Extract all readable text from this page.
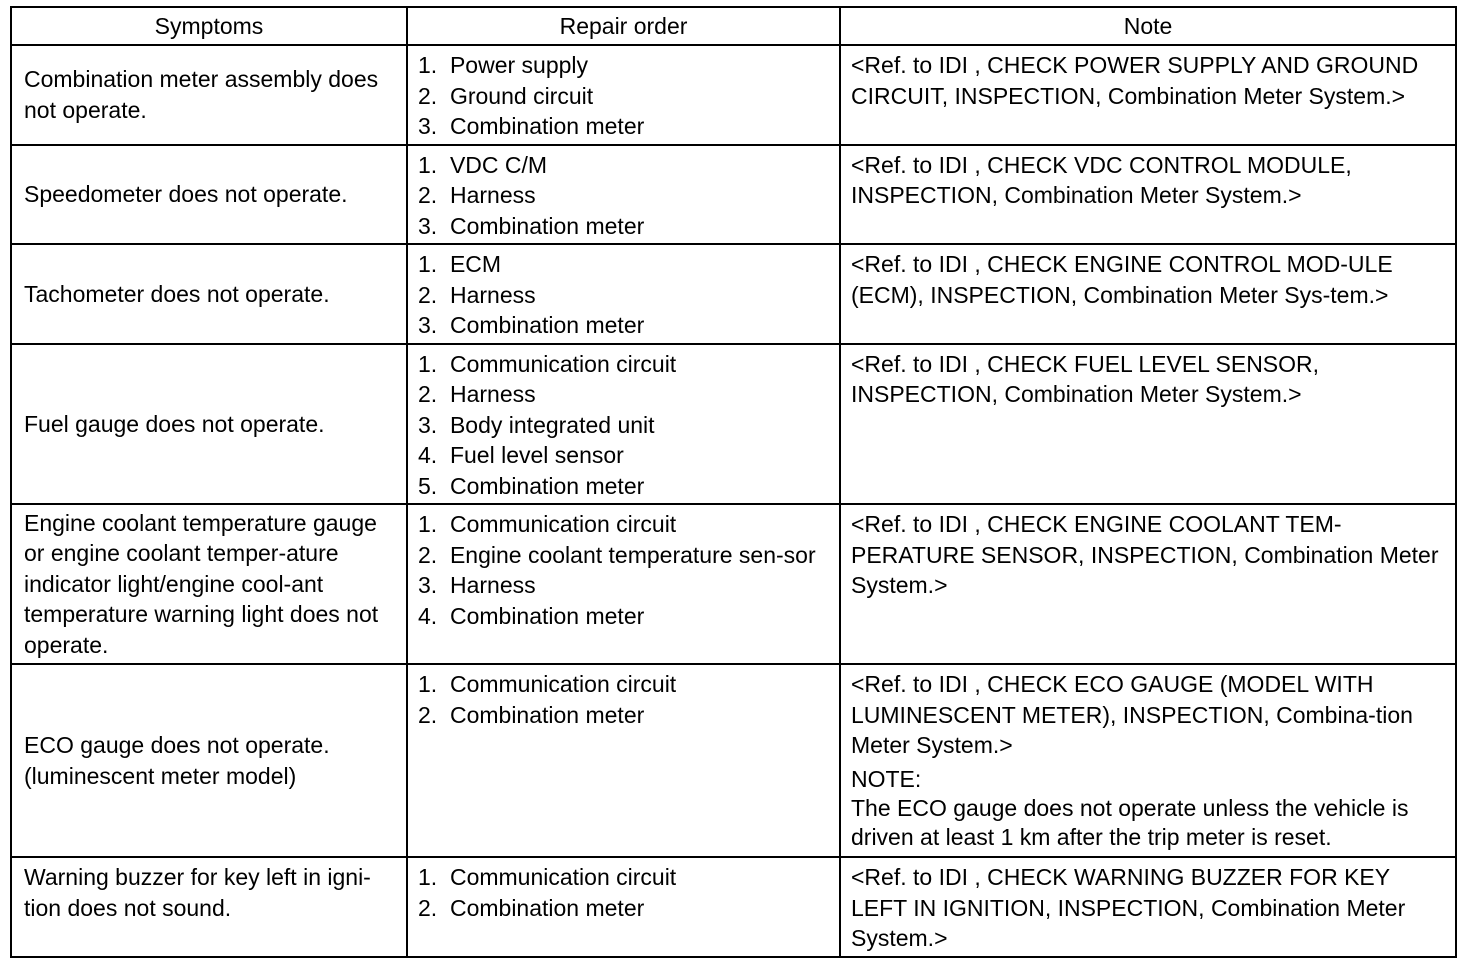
Symptoms	Repair order	Note
Combination meter assembly does not operate.	1.  Power supply
2.  Ground circuit
3.  Combination meter	<Ref. to IDI , CHECK POWER SUPPLY AND GROUND CIRCUIT, INSPECTION, Combination Meter System.>

Speedometer does not operate.	1.  VDC C/M
2.  Harness
3.  Combination meter	<Ref. to IDI , CHECK VDC CONTROL MODULE, INSPECTION, Combination Meter System.>

Tachometer does not operate.	1.  ECM
2.  Harness
3.  Combination meter	<Ref. to IDI , CHECK ENGINE CONTROL MOD-ULE (ECM), INSPECTION, Combination Meter Sys-tem.>

Fuel gauge does not operate.	1.  Communication circuit
2.  Harness
3.  Body integrated unit
4.  Fuel level sensor
5.  Combination meter	<Ref. to IDI , CHECK FUEL LEVEL SENSOR, INSPECTION, Combination Meter System.>

Engine coolant temperature gauge or engine coolant temper-ature indicator light/engine cool-ant temperature warning light does not operate.	1.  Communication circuit
2.  Engine coolant temperature sen-sor
3.  Harness
4.  Combination meter	<Ref. to IDI , CHECK ENGINE COOLANT TEM-PERATURE SENSOR, INSPECTION, Combination Meter System.>

ECO gauge does not operate. (luminescent meter model)	1.  Communication circuit
2.  Combination meter	<Ref. to IDI , CHECK ECO GAUGE (MODEL WITH LUMINESCENT METER), INSPECTION, Combina-tion Meter System.>
NOTE:
The ECO gauge does not operate unless the vehicle is driven at least 1 km after the trip meter is reset.

Warning buzzer for key left in igni-tion does not sound.	1.  Communication circuit
2.  Combination meter	<Ref. to IDI , CHECK WARNING BUZZER FOR KEY LEFT IN IGNITION, INSPECTION, Combination Meter System.>
